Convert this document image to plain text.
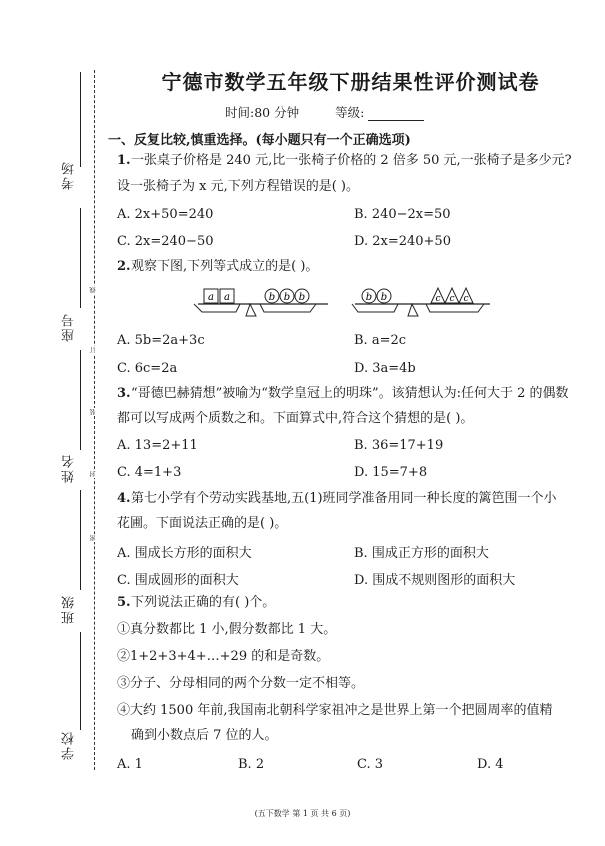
考场
座号
姓名
班级
学校
线
订
装
封
密
宁德市数学五年级下册结果性评价测试卷
时间:80 分钟	等级:
一、反复比较,慎重选择。(每小题只有一个正确选项)
1. 一张桌子价格是 240 元,比一张椅子价格的 2 倍多 50 元,一张椅子是多少元?
设一张椅子为 x 元,下列方程错误的是( )。
A. 2x+50=240	B. 240−2x=50
C. 2x=240−50	D. 2x=240+50
2. 观察下图,下列等式成立的是( )。
a a	b b b	b b	c c c
A. 5b=2a+3c	B. a=2c
C. 6c=2a	D. 3a=4b
3. “哥德巴赫猜想”被喻为“数学皇冠上的明珠”。该猜想认为:任何大于 2 的偶数
都可以写成两个质数之和。下面算式中,符合这个猜想的是( )。
A. 13=2+11	B. 36=17+19
C. 4=1+3	D. 15=7+8
4. 第七小学有个劳动实践基地,五(1)班同学准备用同一种长度的篱笆围一个小
花圃。下面说法正确的是( )。
A. 围成长方形的面积大	B. 围成正方形的面积大
C. 围成圆形的面积大	D. 围成不规则图形的面积大
5. 下列说法正确的有( )个。
①真分数都比 1 小,假分数都比 1 大。
②1+2+3+4+…+29 的和是奇数。
③分子、分母相同的两个分数一定不相等。
④大约 1500 年前,我国南北朝科学家祖冲之是世界上第一个把圆周率的值精
确到小数点后 7 位的人。
A. 1	B. 2	C. 3	D. 4
(五下数学 第 1 页 共 6 页)
